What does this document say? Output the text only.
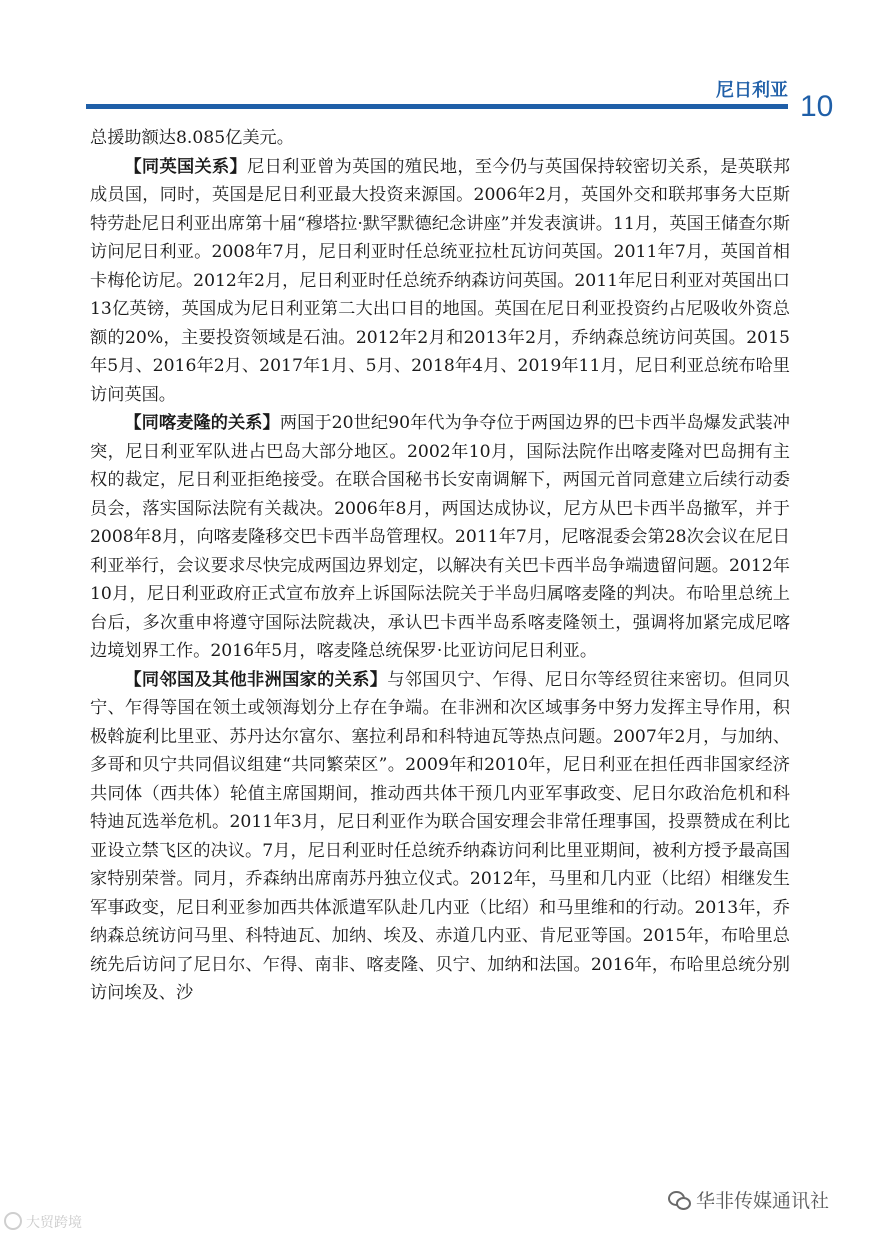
尼日利亚 10

总援助额达8.085亿美元。

【同英国关系】尼日利亚曾为英国的殖民地，至今仍与英国保持较密切关系，是英联邦成员国，同时，英国是尼日利亚最大投资来源国。2006年2月，英国外交和联邦事务大臣斯特劳赴尼日利亚出席第十届“穆塔拉·默罕默德纪念讲座”并发表演讲。11月，英国王储查尔斯访问尼日利亚。2008年7月，尼日利亚时任总统亚拉杜瓦访问英国。2011年7月，英国首相卡梅伦访尼。2012年2月，尼日利亚时任总统乔纳森访问英国。2011年尼日利亚对英国出口13亿英镑，英国成为尼日利亚第二大出口目的地国。英国在尼日利亚投资约占尼吸收外资总额的20%，主要投资领域是石油。2012年2月和2013年2月，乔纳森总统访问英国。2015年5月、2016年2月、2017年1月、5月、2018年4月、2019年11月，尼日利亚总统布哈里访问英国。

【同喀麦隆的关系】两国于20世纪90年代为争夺位于两国边界的巴卡西半岛爆发武装冲突，尼日利亚军队进占巴岛大部分地区。2002年10月，国际法院作出喀麦隆对巴岛拥有主权的裁定，尼日利亚拒绝接受。在联合国秘书长安南调解下，两国元首同意建立后续行动委员会，落实国际法院有关裁决。2006年8月，两国达成协议，尼方从巴卡西半岛撤军，并于2008年8月，向喀麦隆移交巴卡西半岛管理权。2011年7月，尼喀混委会第28次会议在尼日利亚举行，会议要求尽快完成两国边界划定，以解决有关巴卡西半岛争端遗留问题。2012年10月，尼日利亚政府正式宣布放弃上诉国际法院关于半岛归属喀麦隆的判决。布哈里总统上台后，多次重申将遵守国际法院裁决，承认巴卡西半岛系喀麦隆领土，强调将加紧完成尼喀边境划界工作。2016年5月，喀麦隆总统保罗·比亚访问尼日利亚。

【同邻国及其他非洲国家的关系】与邻国贝宁、乍得、尼日尔等经贸往来密切。但同贝宁、乍得等国在领土或领海划分上存在争端。在非洲和次区域事务中努力发挥主导作用，积极斡旋利比里亚、苏丹达尔富尔、塞拉利昂和科特迪瓦等热点问题。2007年2月，与加纳、多哥和贝宁共同倡议组建“共同繁荣区”。2009年和2010年，尼日利亚在担任西非国家经济共同体（西共体）轮值主席国期间，推动西共体干预几内亚军事政变、尼日尔政治危机和科特迪瓦选举危机。2011年3月，尼日利亚作为联合国安理会非常任理事国，投票赞成在利比亚设立禁飞区的决议。7月，尼日利亚时任总统乔纳森访问利比里亚期间，被利方授予最高国家特别荣誉。同月，乔森纳出席南苏丹独立仪式。2012年，马里和几内亚（比绍）相继发生军事政变，尼日利亚参加西共体派遣军队赴几内亚（比绍）和马里维和的行动。2013年，乔纳森总统访问马里、科特迪瓦、加纳、埃及、赤道几内亚、肯尼亚等国。2015年，布哈里总统先后访问了尼日尔、乍得、南非、喀麦隆、贝宁、加纳和法国。2016年，布哈里总统分别访问埃及、沙

大贸跨境
华非传媒通讯社
